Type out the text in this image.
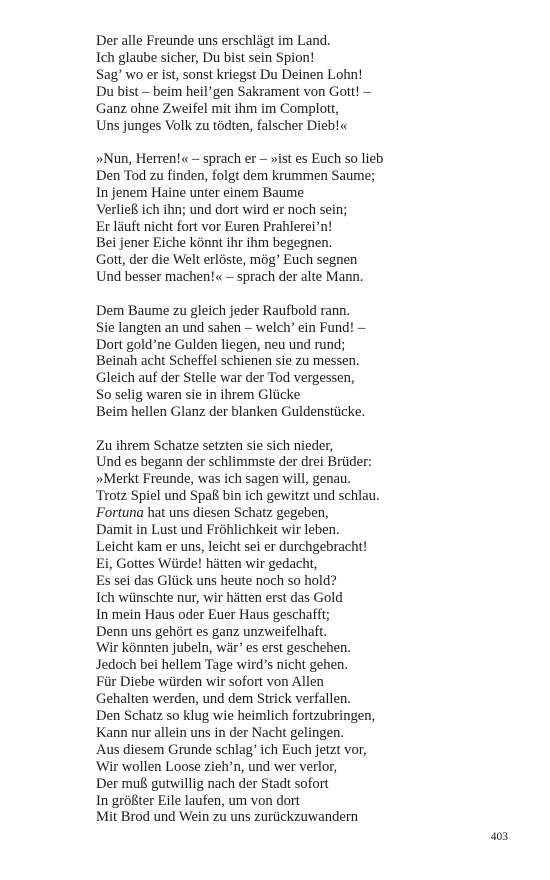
Der alle Freunde uns erschlägt im Land.
Ich glaube sicher, Du bist sein Spion!
Sag’ wo er ist, sonst kriegst Du Deinen Lohn!
Du bist – beim heil’gen Sakrament von Gott! –
Ganz ohne Zweifel mit ihm im Complott,
Uns junges Volk zu tödten, falscher Dieb!«
»Nun, Herren!« – sprach er – »ist es Euch so lieb
Den Tod zu finden, folgt dem krummen Saume;
In jenem Haine unter einem Baume
Verließ ich ihn; und dort wird er noch sein;
Er läuft nicht fort vor Euren Prahlerei’n!
Bei jener Eiche könnt ihr ihm begegnen.
Gott, der die Welt erlöste, mög’ Euch segnen
Und besser machen!« – sprach der alte Mann.
Dem Baume zu gleich jeder Raufbold rann.
Sie langten an und sahen – welch’ ein Fund! –
Dort gold’ne Gulden liegen, neu und rund;
Beinah acht Scheffel schienen sie zu messen.
Gleich auf der Stelle war der Tod vergessen,
So selig waren sie in ihrem Glücke
Beim hellen Glanz der blanken Guldenstücke.
Zu ihrem Schatze setzten sie sich nieder,
Und es begann der schlimmste der drei Brüder:
»Merkt Freunde, was ich sagen will, genau.
Trotz Spiel und Spaß bin ich gewitzt und schlau.
Fortuna hat uns diesen Schatz gegeben,
Damit in Lust und Fröhlichkeit wir leben.
Leicht kam er uns, leicht sei er durchgebracht!
Ei, Gottes Würde! hätten wir gedacht,
Es sei das Glück uns heute noch so hold?
Ich wünschte nur, wir hätten erst das Gold
In mein Haus oder Euer Haus geschafft;
Denn uns gehört es ganz unzweifelhaft.
Wir könnten jubeln, wär’ es erst geschehen.
Jedoch bei hellem Tage wird’s nicht gehen.
Für Diebe würden wir sofort von Allen
Gehalten werden, und dem Strick verfallen.
Den Schatz so klug wie heimlich fortzubringen,
Kann nur allein uns in der Nacht gelingen.
Aus diesem Grunde schlag’ ich Euch jetzt vor,
Wir wollen Loose zieh’n, und wer verlor,
Der muß gutwillig nach der Stadt sofort
In größter Eile laufen, um von dort
Mit Brod und Wein zu uns zurückzuwandern
403
